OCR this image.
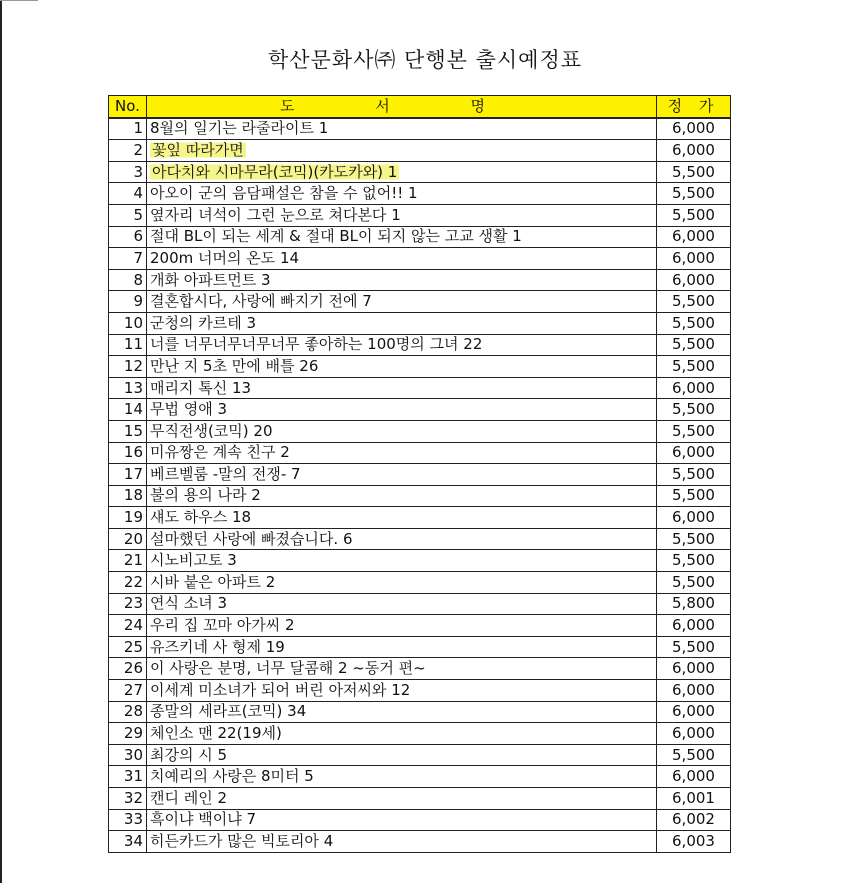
학산문화사㈜ 단행본 출시예정표
No.	도 서 명	정 가
1	8월의 일기는 라줄라이트 1	6,000
2	꽃잎 따라가면	6,000
3	아다치와 시마무라(코믹)(카도카와) 1	5,500
4	아오이 군의 음담패설은 참을 수 없어!! 1	5,500
5	옆자리 녀석이 그런 눈으로 쳐다본다 1	5,500
6	절대 BL이 되는 세계 & 절대 BL이 되지 않는 고교 생활 1	6,000
7	200m 너머의 온도 14	6,000
8	개화 아파트먼트 3	6,000
9	결혼합시다, 사랑에 빠지기 전에 7	5,500
10	군청의 카르테 3	5,500
11	너를 너무너무너무너무 좋아하는 100명의 그녀 22	5,500
12	만난 지 5초 만에 배틀 26	5,500
13	매리지 톡신 13	6,000
14	무법 영애 3	5,500
15	무직전생(코믹) 20	5,500
16	미유짱은 계속 친구 2	6,000
17	베르벨룸 -말의 전쟁- 7	5,500
18	불의 용의 나라 2	5,500
19	섀도 하우스 18	6,000
20	설마했던 사랑에 빠졌습니다. 6	5,500
21	시노비고토 3	5,500
22	시바 붙은 아파트 2	5,500
23	연식 소녀 3	5,800
24	우리 집 꼬마 아가씨 2	6,000
25	유즈키네 사 형제 19	5,500
26	이 사랑은 분명, 너무 달콤해 2 ~동거 편~	6,000
27	이세계 미소녀가 되어 버린 아저씨와 12	6,000
28	종말의 세라프(코믹) 34	6,000
29	체인소 맨 22(19세)	6,000
30	최강의 시 5	5,500
31	치예리의 사랑은 8미터 5	6,000
32	캔디 레인 2	6,001
33	흑이냐 백이냐 7	6,002
34	히든카드가 많은 빅토리아 4	6,003
